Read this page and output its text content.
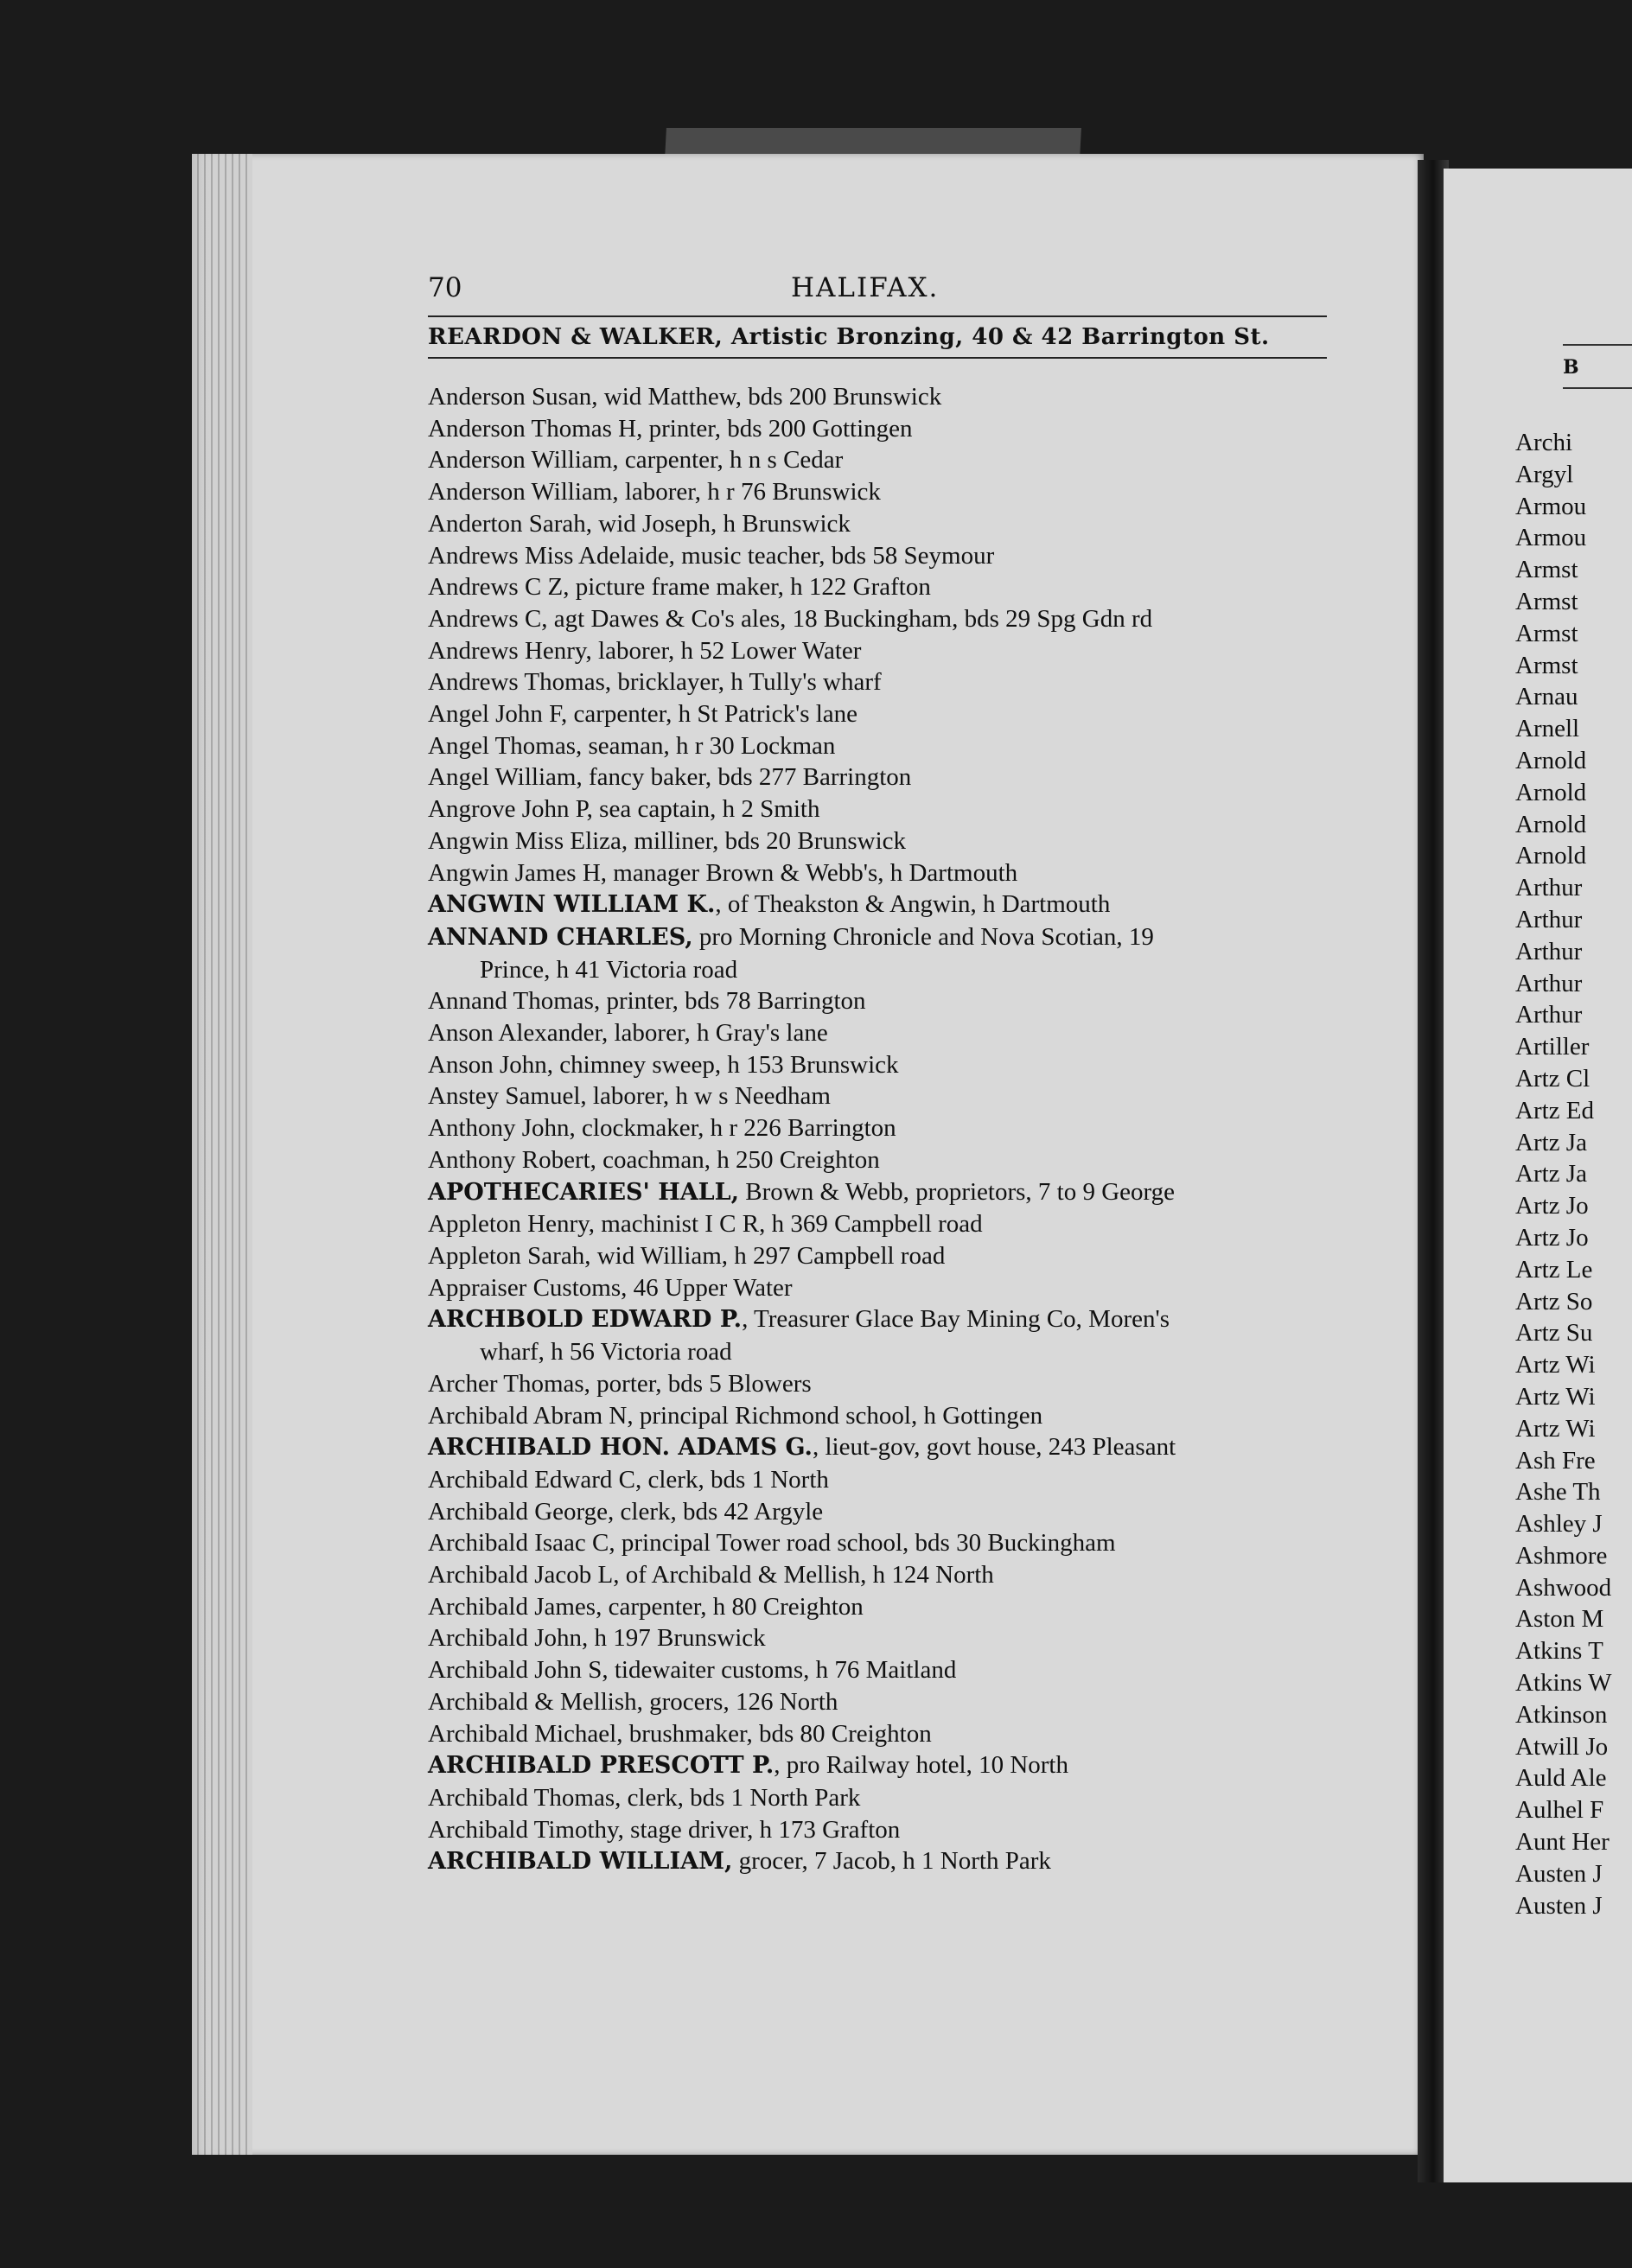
70	HALIFAX.
REARDON & WALKER, Artistic Bronzing, 40 & 42 Barrington St.
Anderson Susan, wid Matthew, bds 200 Brunswick
Anderson Thomas H, printer, bds 200 Gottingen
Anderson William, carpenter, h n s Cedar
Anderson William, laborer, h r 76 Brunswick
Anderton Sarah, wid Joseph, h Brunswick
Andrews Miss Adelaide, music teacher, bds 58 Seymour
Andrews C Z, picture frame maker, h 122 Grafton
Andrews C, agt Dawes & Co's ales, 18 Buckingham, bds 29 Spg Gdn rd
Andrews Henry, laborer, h 52 Lower Water
Andrews Thomas, bricklayer, h Tully's wharf
Angel John F, carpenter, h St Patrick's lane
Angel Thomas, seaman, h r 30 Lockman
Angel William, fancy baker, bds 277 Barrington
Angrove John P, sea captain, h 2 Smith
Angwin Miss Eliza, milliner, bds 20 Brunswick
Angwin James H, manager Brown & Webb's, h Dartmouth
ANGWIN WILLIAM K., of Theakston & Angwin, h Dartmouth
ANNAND CHARLES, pro Morning Chronicle and Nova Scotian, 19
Prince, h 41 Victoria road
Annand Thomas, printer, bds 78 Barrington
Anson Alexander, laborer, h Gray's lane
Anson John, chimney sweep, h 153 Brunswick
Anstey Samuel, laborer, h w s Needham
Anthony John, clockmaker, h r 226 Barrington
Anthony Robert, coachman, h 250 Creighton
APOTHECARIES' HALL, Brown & Webb, proprietors, 7 to 9 George
Appleton Henry, machinist I C R, h 369 Campbell road
Appleton Sarah, wid William, h 297 Campbell road
Appraiser Customs, 46 Upper Water
ARCHBOLD EDWARD P., Treasurer Glace Bay Mining Co, Moren's
wharf, h 56 Victoria road
Archer Thomas, porter, bds 5 Blowers
Archibald Abram N, principal Richmond school, h Gottingen
ARCHIBALD HON. ADAMS G., lieut-gov, govt house, 243 Pleasant
Archibald Edward C, clerk, bds 1 North
Archibald George, clerk, bds 42 Argyle
Archibald Isaac C, principal Tower road school, bds 30 Buckingham
Archibald Jacob L, of Archibald & Mellish, h 124 North
Archibald James, carpenter, h 80 Creighton
Archibald John, h 197 Brunswick
Archibald John S, tidewaiter customs, h 76 Maitland
Archibald & Mellish, grocers, 126 North
Archibald Michael, brushmaker, bds 80 Creighton
ARCHIBALD PRESCOTT P., pro Railway hotel, 10 North
Archibald Thomas, clerk, bds 1 North Park
Archibald Timothy, stage driver, h 173 Grafton
ARCHIBALD WILLIAM, grocer, 7 Jacob, h 1 North Park
B
Archi
Argyl
Armou
Armou
Armst
Armst
Armst
Armst
Arnau
Arnell
Arnold
Arnold
Arnold
Arnold
Arthur
Arthur
Arthur
Arthur
Arthur
Artiller
Artz Cl
Artz Ed
Artz Ja
Artz Ja
Artz Jo
Artz Jo
Artz Le
Artz So
Artz Su
Artz Wi
Artz Wi
Artz Wi
Ash Fre
Ashe Th
Ashley J
Ashmore
Ashwood
Aston M
Atkins T
Atkins W
Atkinson
Atwill Jo
Auld Ale
Aulhel F
Aunt Her
Austen J
Austen J
